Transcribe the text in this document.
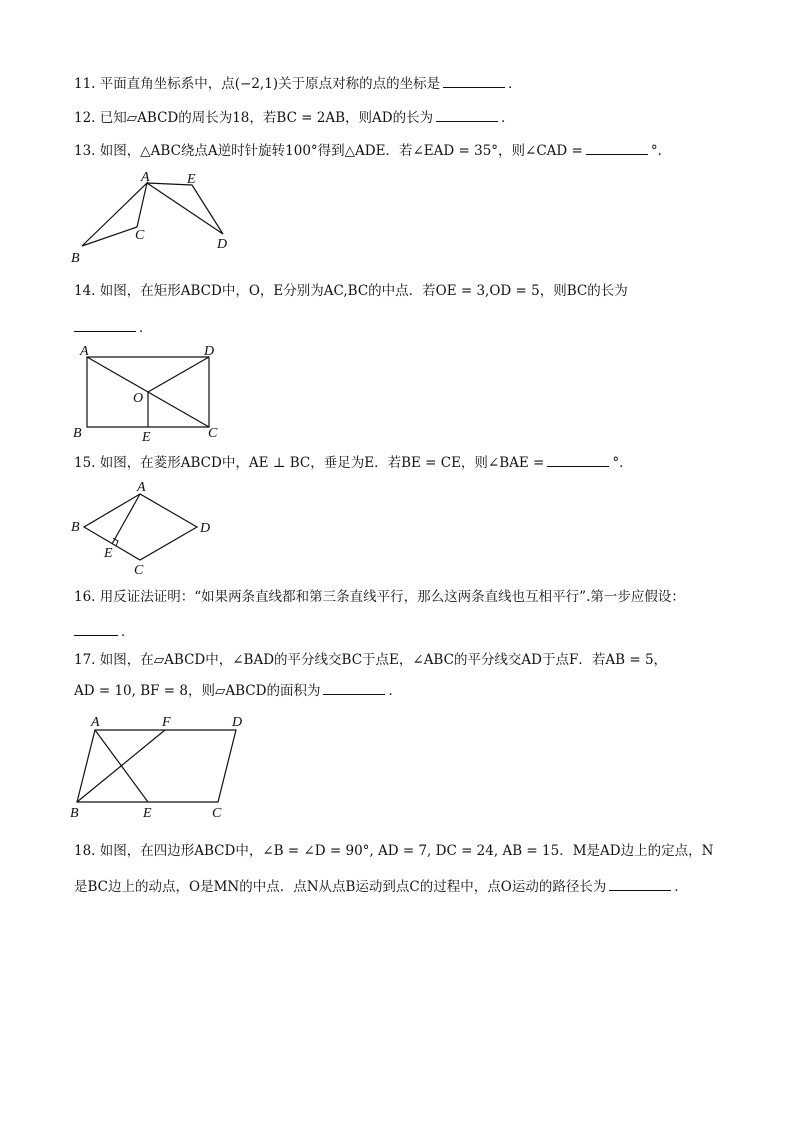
11. 平面直角坐标系中，点(−2,1)关于原点对称的点的坐标是	．
12. 已知▱ABCD的周长为18，若BC = 2AB，则AD的长为	．
13. 如图，△ABC绕点A逆时针旋转100°得到△ADE．若∠EAD = 35°，则∠CAD =	°．
A	E
B
C
D
14. 如图，在矩形ABCD中，O，E分别为AC,BC的中点．若OE = 3,OD = 5，则BC的长为
．
A	D
O
B	E	C
15. 如图，在菱形ABCD中，AE ⊥ BC，垂足为E．若BE = CE，则∠BAE =	°．
A
B	D
E
C
16. 用反证法证明：“如果两条直线都和第三条直线平行，那么这两条直线也互相平行”.第一步应假设：
．
17. 如图，在▱ABCD中，∠BAD的平分线交BC于点E，∠ABC的平分线交AD于点F．若AB = 5，
AD = 10, BF = 8，则▱ABCD的面积为	．
A	F	D
B	E	C
18. 如图，在四边形ABCD中，∠B = ∠D = 90°, AD = 7, DC = 24, AB = 15．M是AD边上的定点，N
是BC边上的动点，O是MN的中点．点N从点B运动到点C的过程中，点O运动的路径长为	．
